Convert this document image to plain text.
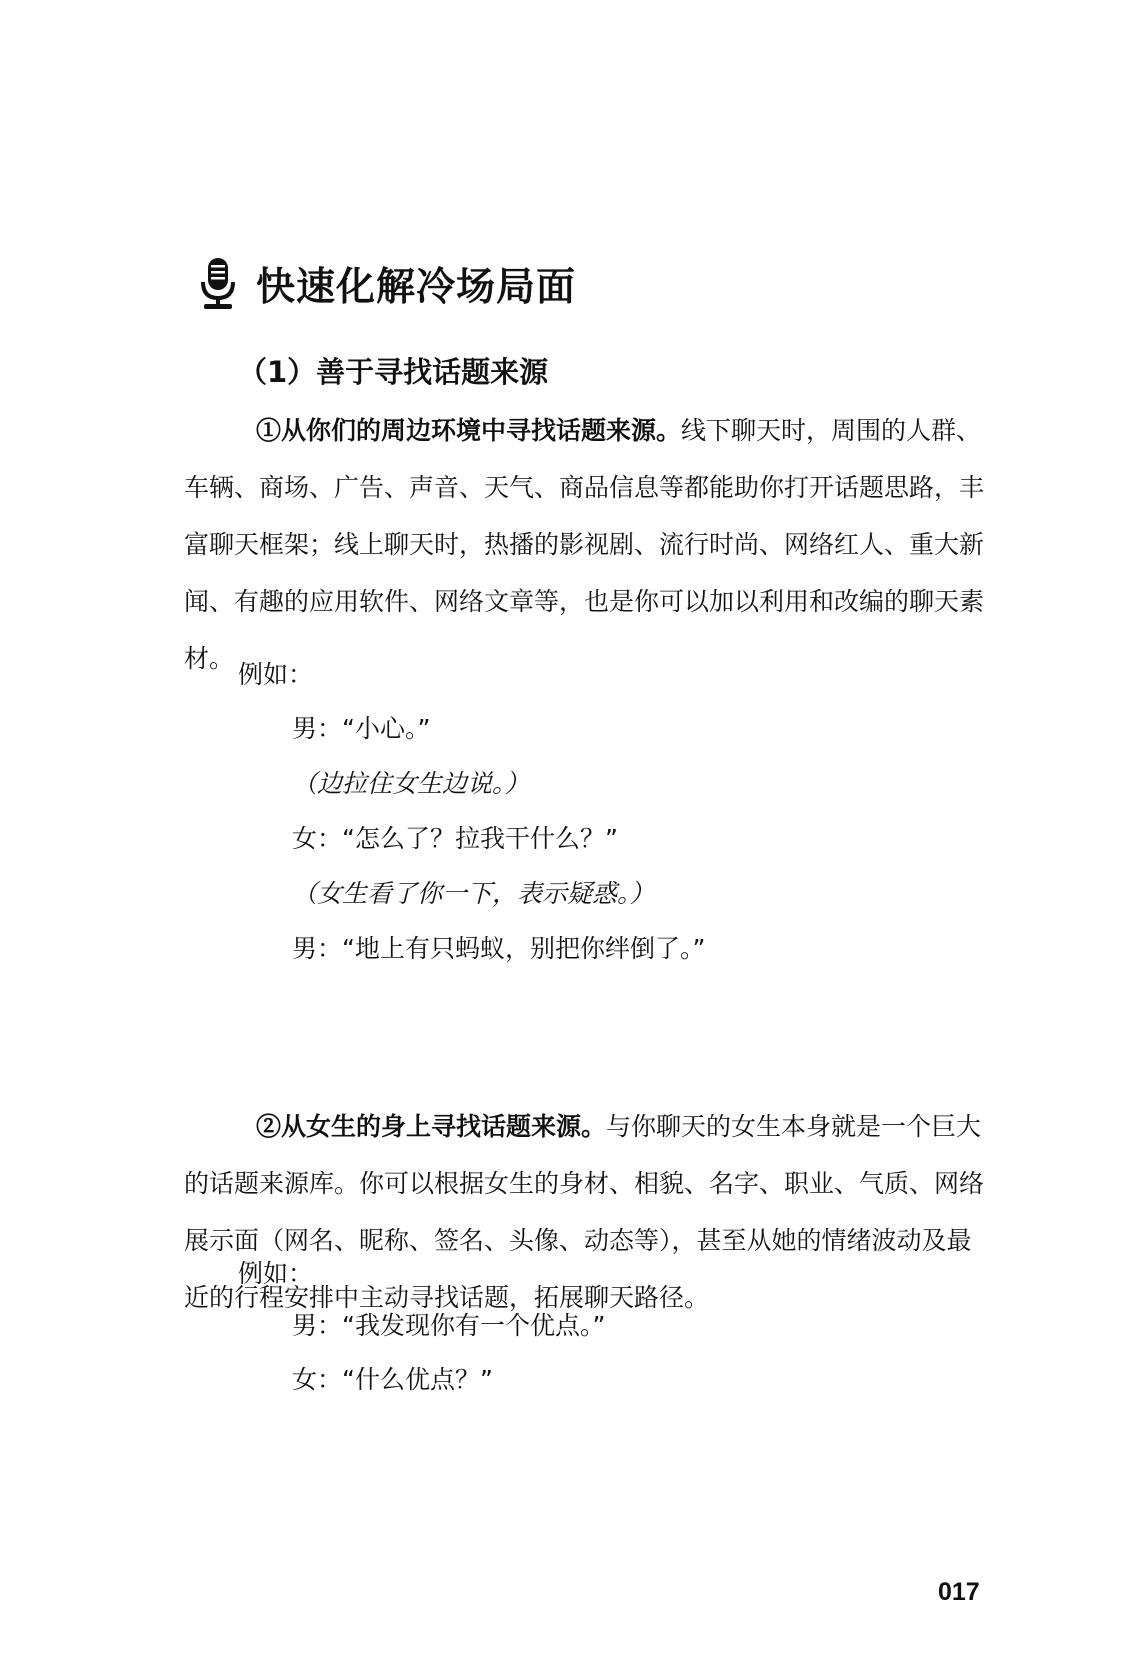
快速化解冷场局面
（1）善于寻找话题来源

①从你们的周边环境中寻找话题来源。线下聊天时，周围的人群、车辆、商场、广告、声音、天气、商品信息等都能助你打开话题思路，丰富聊天框架；线上聊天时，热播的影视剧、流行时尚、网络红人、重大新闻、有趣的应用软件、网络文章等，也是你可以加以利用和改编的聊天素材。

例如：
男：“小心。”
（边拉住女生边说。）
女：“怎么了？拉我干什么？”
（女生看了你一下，表示疑惑。）
男：“地上有只蚂蚁，别把你绊倒了。”

②从女生的身上寻找话题来源。与你聊天的女生本身就是一个巨大的话题来源库。你可以根据女生的身材、相貌、名字、职业、气质、网络展示面（网名、昵称、签名、头像、动态等），甚至从她的情绪波动及最近的行程安排中主动寻找话题，拓展聊天路径。

例如：
男：“我发现你有一个优点。”
女：“什么优点？”
017
